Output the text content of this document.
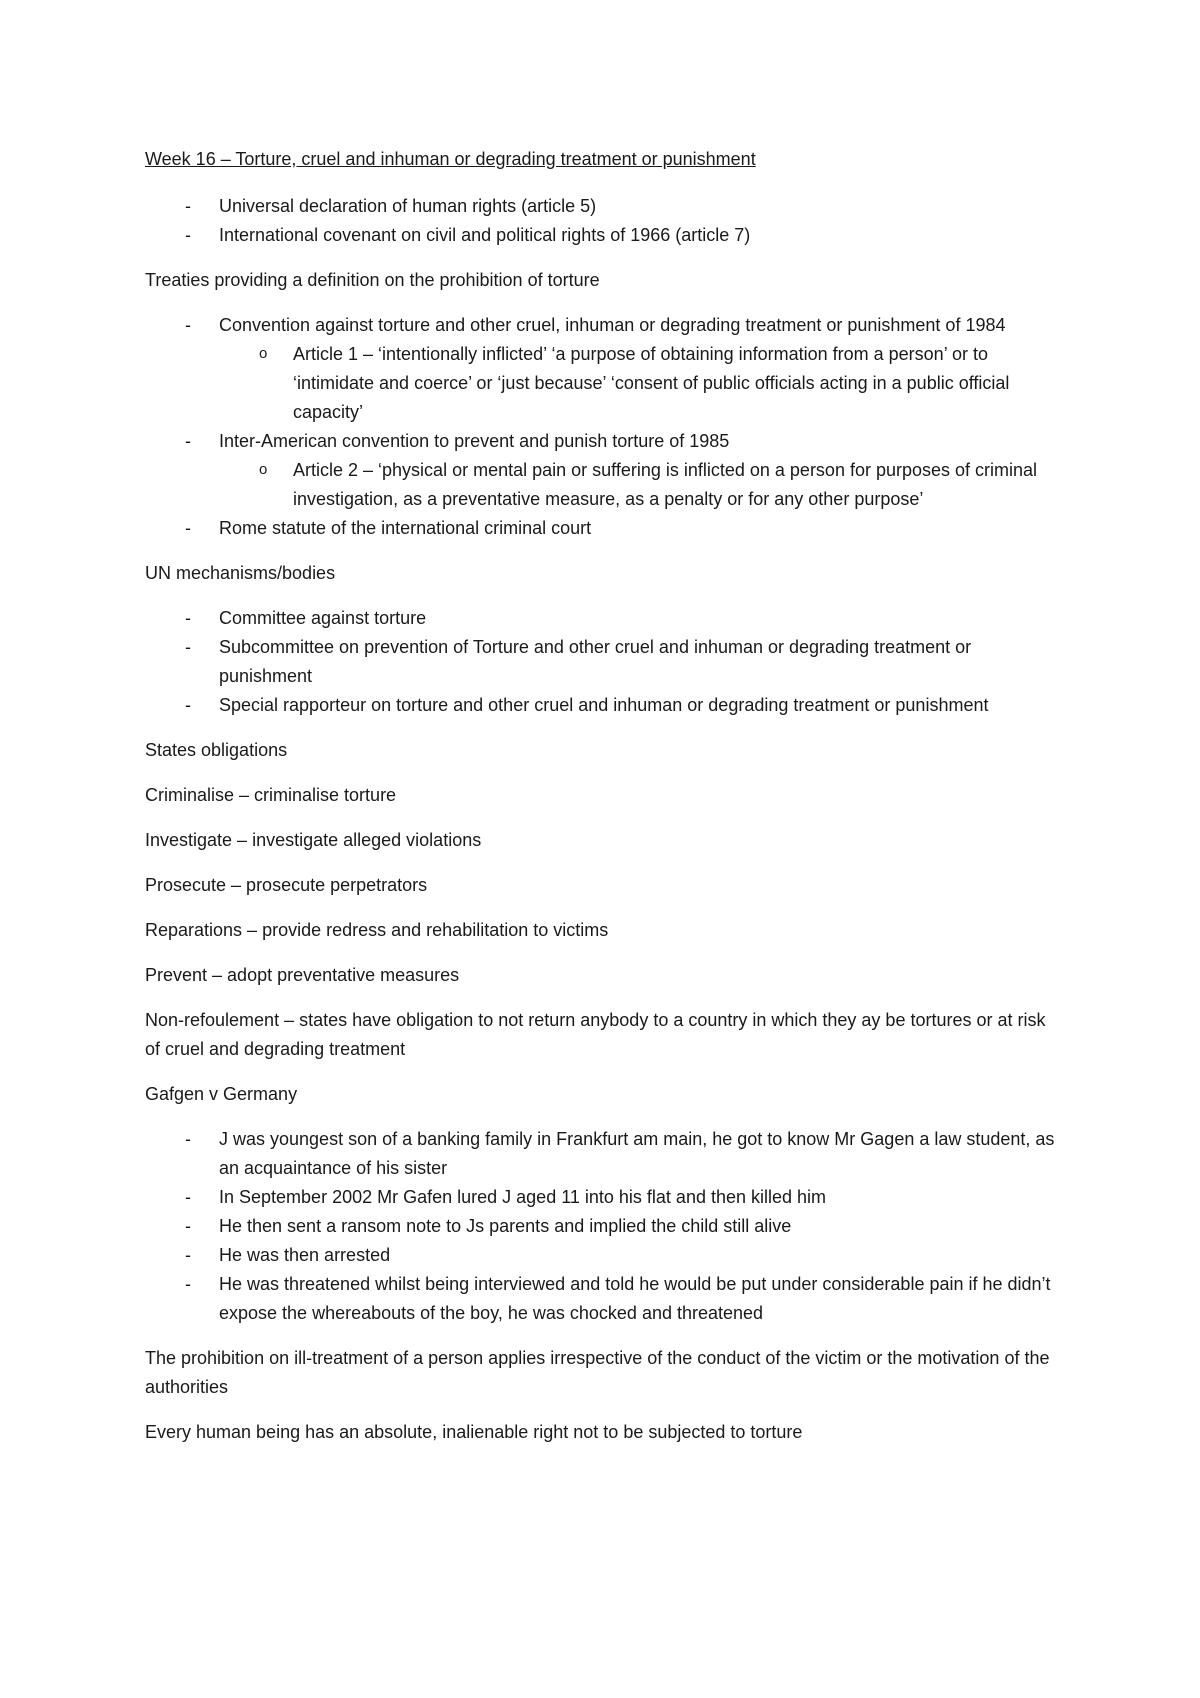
Week 16 – Torture, cruel and inhuman or degrading treatment or punishment

- Universal declaration of human rights (article 5)
- International covenant on civil and political rights of 1966 (article 7)

Treaties providing a definition on the prohibition of torture

- Convention against torture and other cruel, inhuman or degrading treatment or punishment of 1984
o Article 1 – ‘intentionally inflicted’ ‘a purpose of obtaining information from a person’ or to ‘intimidate and coerce’ or ‘just because’ ‘consent of public officials acting in a public official capacity’
- Inter-American convention to prevent and punish torture of 1985
o Article 2 – ‘physical or mental pain or suffering is inflicted on a person for purposes of criminal investigation, as a preventative measure, as a penalty or for any other purpose’
- Rome statute of the international criminal court

UN mechanisms/bodies

- Committee against torture
- Subcommittee on prevention of Torture and other cruel and inhuman or degrading treatment or punishment
- Special rapporteur on torture and other cruel and inhuman or degrading treatment or punishment

States obligations

Criminalise – criminalise torture

Investigate – investigate alleged violations

Prosecute – prosecute perpetrators

Reparations – provide redress and rehabilitation to victims

Prevent – adopt preventative measures

Non-refoulement – states have obligation to not return anybody to a country in which they ay be tortures or at risk of cruel and degrading treatment

Gafgen v Germany

- J was youngest son of a banking family in Frankfurt am main, he got to know Mr Gagen a law student, as an acquaintance of his sister
- In September 2002 Mr Gafen lured J aged 11 into his flat and then killed him
- He then sent a ransom note to Js parents and implied the child still alive
- He was then arrested
- He was threatened whilst being interviewed and told he would be put under considerable pain if he didn’t expose the whereabouts of the boy, he was chocked and threatened

The prohibition on ill-treatment of a person applies irrespective of the conduct of the victim or the motivation of the authorities

Every human being has an absolute, inalienable right not to be subjected to torture
